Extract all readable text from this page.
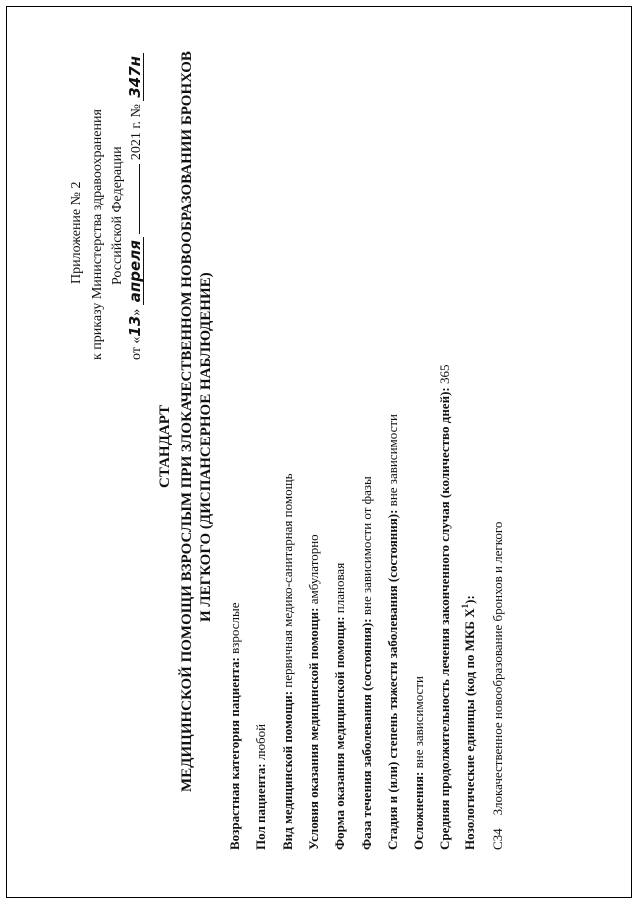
Приложение № 2 к приказу Министерства здравоохранения Российской Федерации
от «13» апреля  2021 г. № 347н
СТАНДАРТ МЕДИЦИНСКОЙ ПОМОЩИ ВЗРОСЛЫМ ПРИ ЗЛОКАЧЕСТВЕННОМ НОВООБРАЗОВАНИИ БРОНХОВ И ЛЕГКОГО (ДИСПАНСЕРНОЕ НАБЛЮДЕНИЕ)
Возрастная категория пациента: взрослые
Пол пациента: любой Вид медицинской помощи: первичная медико-санитарная помощь
Условия оказания медицинской помощи: амбулаторно
Форма оказания медицинской помощи: плановая
Фаза течения заболевания (состояния): вне зависимости от фазы Стадия и (или) степень тяжести заболевания (состояния): вне зависимости
Осложнения: вне зависимости Средняя продолжительность лечения законченного случая (количество дней): 365
Нозологические единицы (код по МКБ $X^1$):
C34    Злокачественное новообразование бронхов и легкого
